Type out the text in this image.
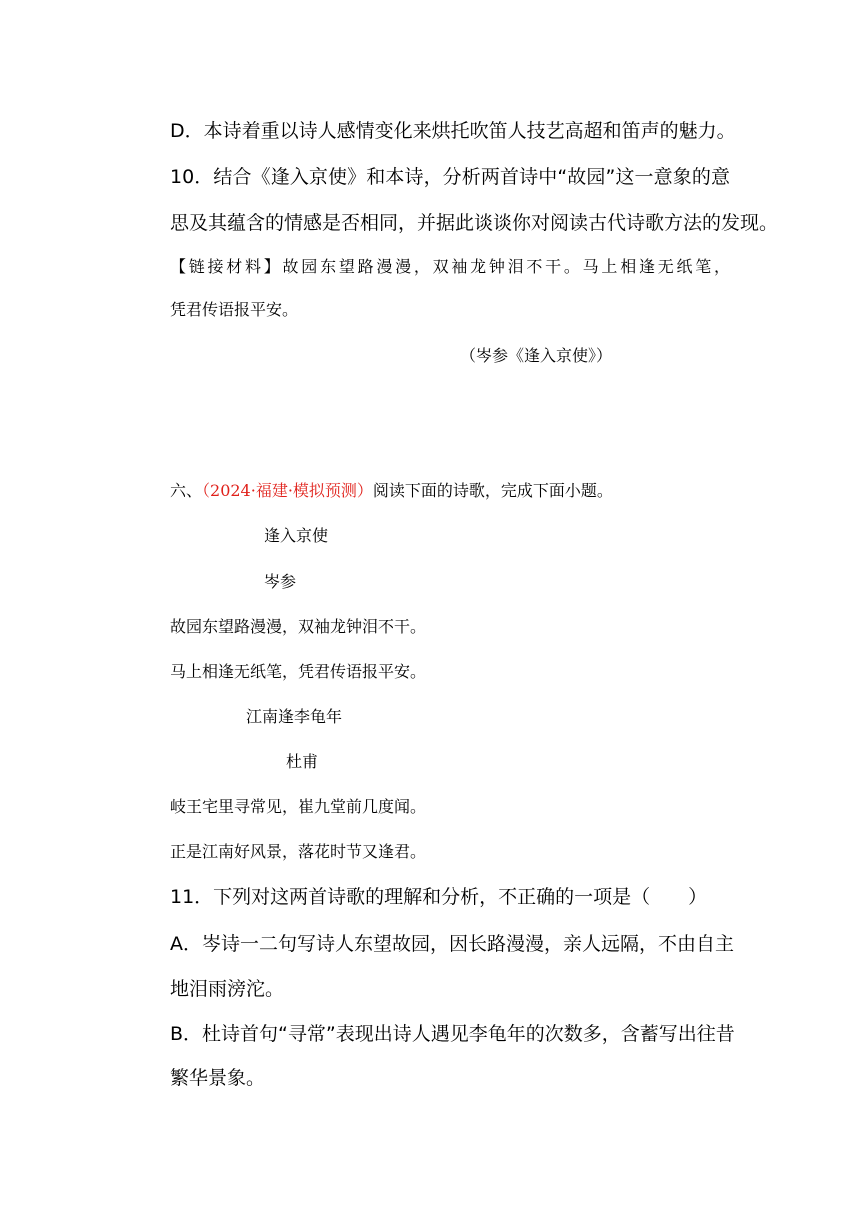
D．本诗着重以诗人感情变化来烘托吹笛人技艺高超和笛声的魅力。
10．结合《逢入京使》和本诗，分析两首诗中“故园”这一意象的意
思及其蕴含的情感是否相同，并据此谈谈你对阅读古代诗歌方法的发现。
【链接材料】故园东望路漫漫，双袖龙钟泪不干。马上相逢无纸笔，
凭君传语报平安。
（岑参《逢入京使》）
六、（2024·福建·模拟预测）阅读下面的诗歌，完成下面小题。
逢入京使
岑参
故园东望路漫漫，双袖龙钟泪不干。
马上相逢无纸笔，凭君传语报平安。
江南逢李龟年
杜甫
岐王宅里寻常见，崔九堂前几度闻。
正是江南好风景，落花时节又逢君。
11．下列对这两首诗歌的理解和分析，不正确的一项是（　　）
A．岑诗一二句写诗人东望故园，因长路漫漫，亲人远隔，不由自主
地泪雨滂沱。
B．杜诗首句“寻常”表现出诗人遇见李龟年的次数多，含蓄写出往昔
繁华景象。
